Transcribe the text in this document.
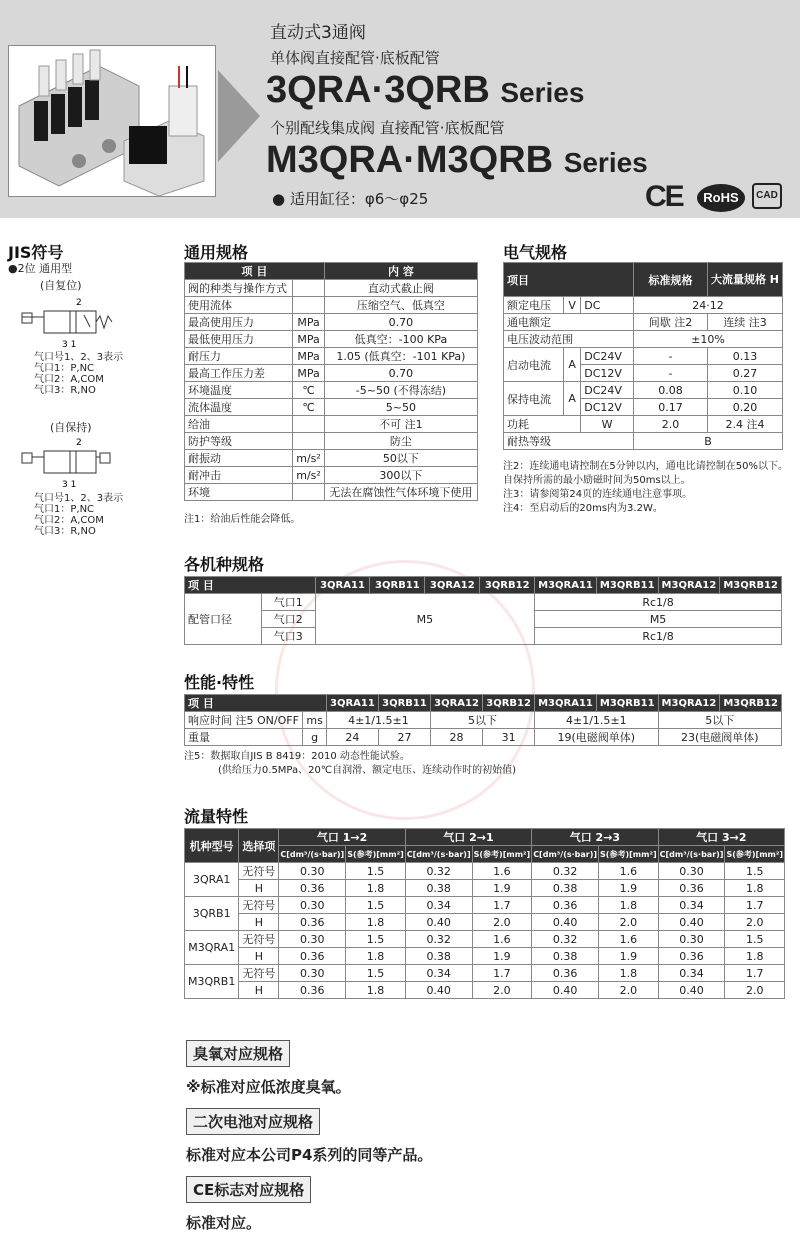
直动式3通阀
单体阀直接配管·底板配管
3QRA·3QRB Series
个别配线集成阀 直接配管·底板配管
M3QRA·M3QRB Series
● 适用缸径：φ6～φ25	CE	RoHS	CAD
JIS符号
●2位 通用型
(自复位)
2
3 1
气口号1、2、3表示
气口1：P,NC
气口2：A,COM
气口3：R,NO
(自保持)
2
3 1
气口号1、2、3表示
气口1：P,NC
气口2：A,COM
气口3：R,NO
通用规格
项 目		内 容
阀的种类与操作方式		直动式截止阀
使用流体		压缩空气、低真空
最高使用压力	MPa	0.70
最低使用压力	MPa	低真空：-100 KPa
耐压力	MPa	1.05 (低真空：-101 KPa)
最高工作压力差	MPa	0.70
环境温度	℃	-5~50 (不得冻结)
流体温度	℃	5~50
给油		不可 注1
防护等级		防尘
耐振动	m/s²	50以下
耐冲击	m/s²	300以下
环境		无法在腐蚀性气体环境下使用
注1：给油后性能会降低。
电气规格
项目			标准规格	大流量规格 H
额定电压	V	DC	24·12	
通电额定			间歇 注2	连续 注3
电压波动范围			±10%	
启动电流	A	DC24V	-	0.13
		DC12V	-	0.27
保持电流	A	DC24V	0.08	0.10
		DC12V	0.17	0.20
功耗		W	2.0	2.4 注4
耐热等级			B	
注2：连续通电请控制在5分钟以内，通电比请控制在50%以下。自保持所需的最小励磁时间为50ms以上。
注3：请参阅第24页的连续通电注意事项。
注4：至启动后的20ms内为3.2W。
各机种规格
项 目		3QRA11	3QRB11	3QRA12	3QRB12	M3QRA11	M3QRB11	M3QRA12	M3QRB12
配管口径	气口1	M5				Rc1/8			
	气口2					M5			
	气口3					Rc1/8			
性能·特性
项 目		3QRA11	3QRB11	3QRA12	3QRB12	M3QRA11	M3QRB11	M3QRA12	M3QRB12
响应时间 注5 ON/OFF	ms	4±1/1.5±1		5以下		4±1/1.5±1		5以下	
重量	g	24	27	28	31	19(电磁阀单体)		23(电磁阀单体)	
注5：数据取自JIS B 8419：2010 动态性能试验。
(供给压力0.5MPa、20℃自润滑、额定电压、连续动作时的初始值)
流量特性
机种型号	选择项	气口 1→2		气口 2→1		气口 2→3		气口 3→2	
		C[dm³/(s·bar)]	S(参考)[mm²]	C[dm³/(s·bar)]	S(参考)[mm²]	C[dm³/(s·bar)]	S(参考)[mm²]	C[dm³/(s·bar)]	S(参考)[mm²]
3QRA1	无符号	0.30	1.5	0.32	1.6	0.32	1.6	0.30	1.5
	H	0.36	1.8	0.38	1.9	0.38	1.9	0.36	1.8
3QRB1	无符号	0.30	1.5	0.34	1.7	0.36	1.8	0.34	1.7
	H	0.36	1.8	0.40	2.0	0.40	2.0	0.40	2.0
M3QRA1	无符号	0.30	1.5	0.32	1.6	0.32	1.6	0.30	1.5
	H	0.36	1.8	0.38	1.9	0.38	1.9	0.36	1.8
M3QRB1	无符号	0.30	1.5	0.34	1.7	0.36	1.8	0.34	1.7
	H	0.36	1.8	0.40	2.0	0.40	2.0	0.40	2.0
臭氧对应规格
※标准对应低浓度臭氧。
二次电池对应规格
标准对应本公司P4系列的同等产品。
CE标志对应规格
标准对应。
